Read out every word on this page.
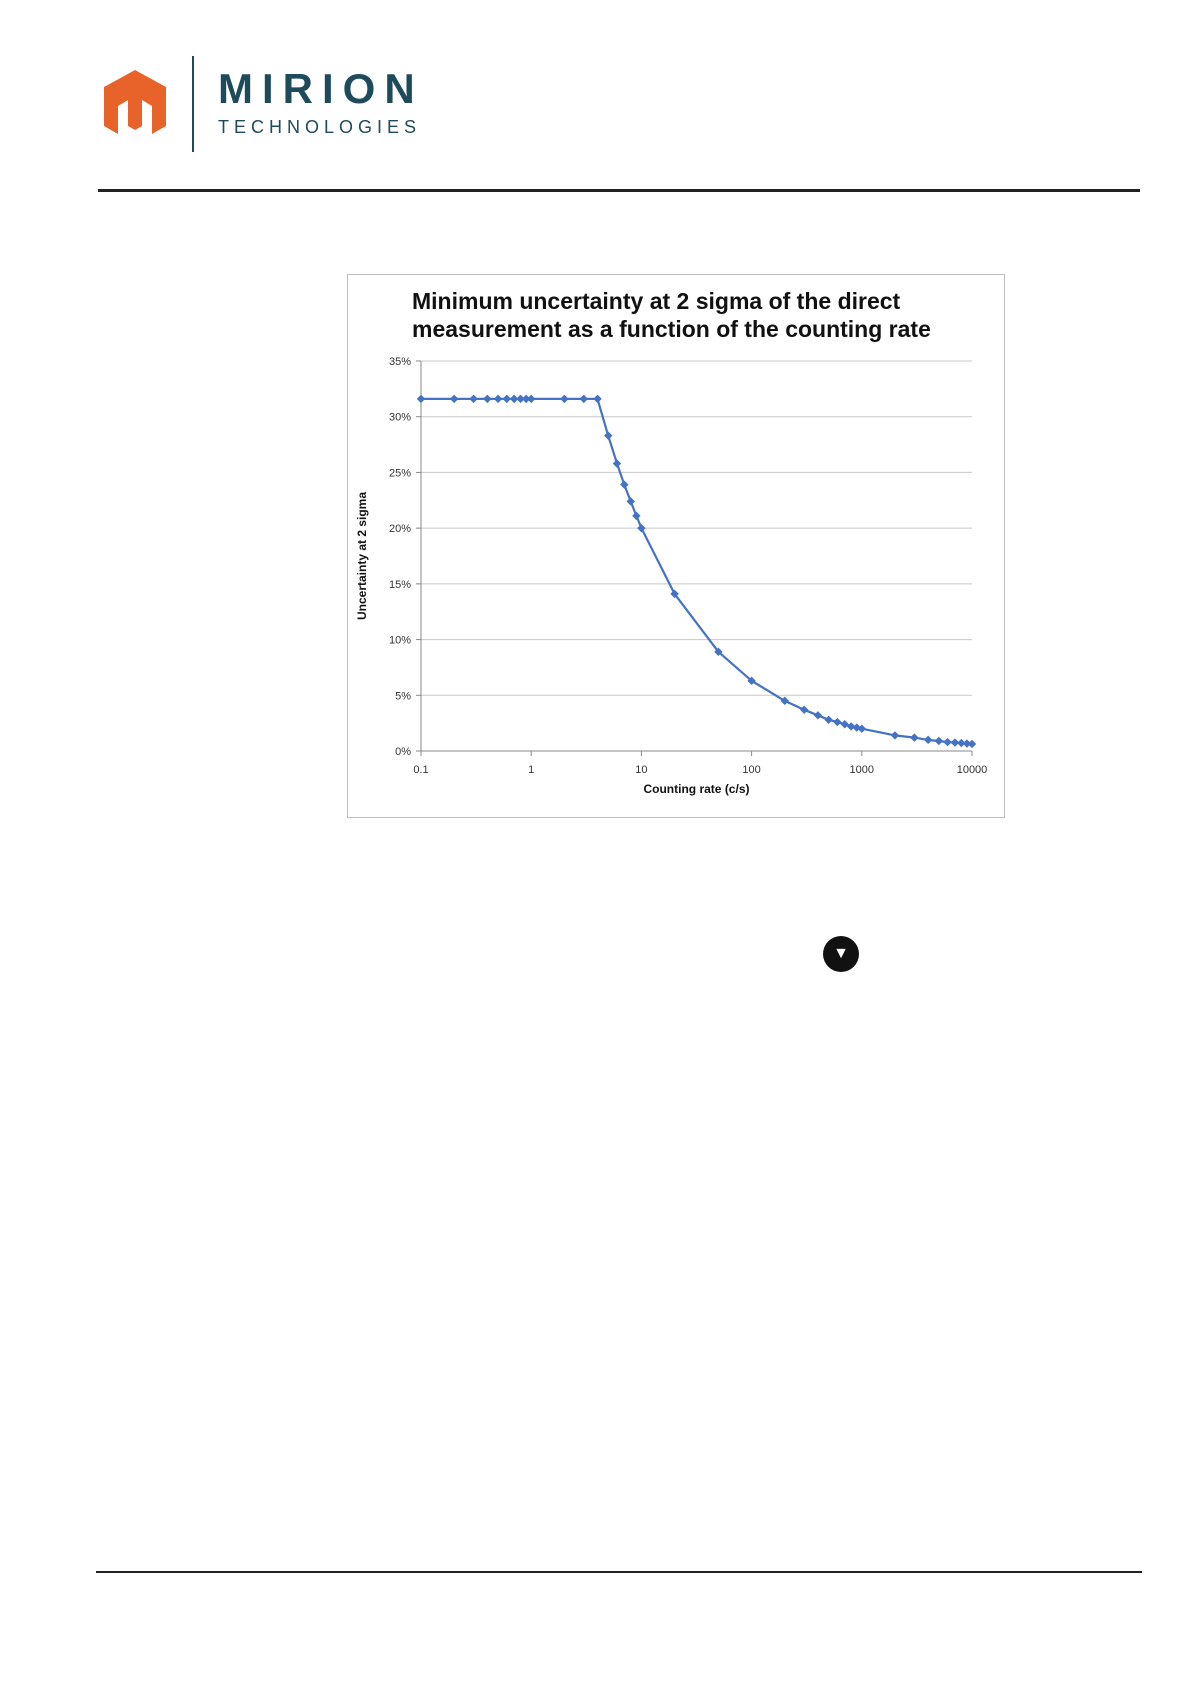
MIRION
TECHNOLOGIES
Minimum uncertainty at 2 sigma of the direct
measurement as a function of the counting rate
0%
5%
10%
15%
20%
25%
30%
35%
0.1	1	10	100	1000	10000
Counting rate (c/s)
Uncertainty at 2 sigma
▼
